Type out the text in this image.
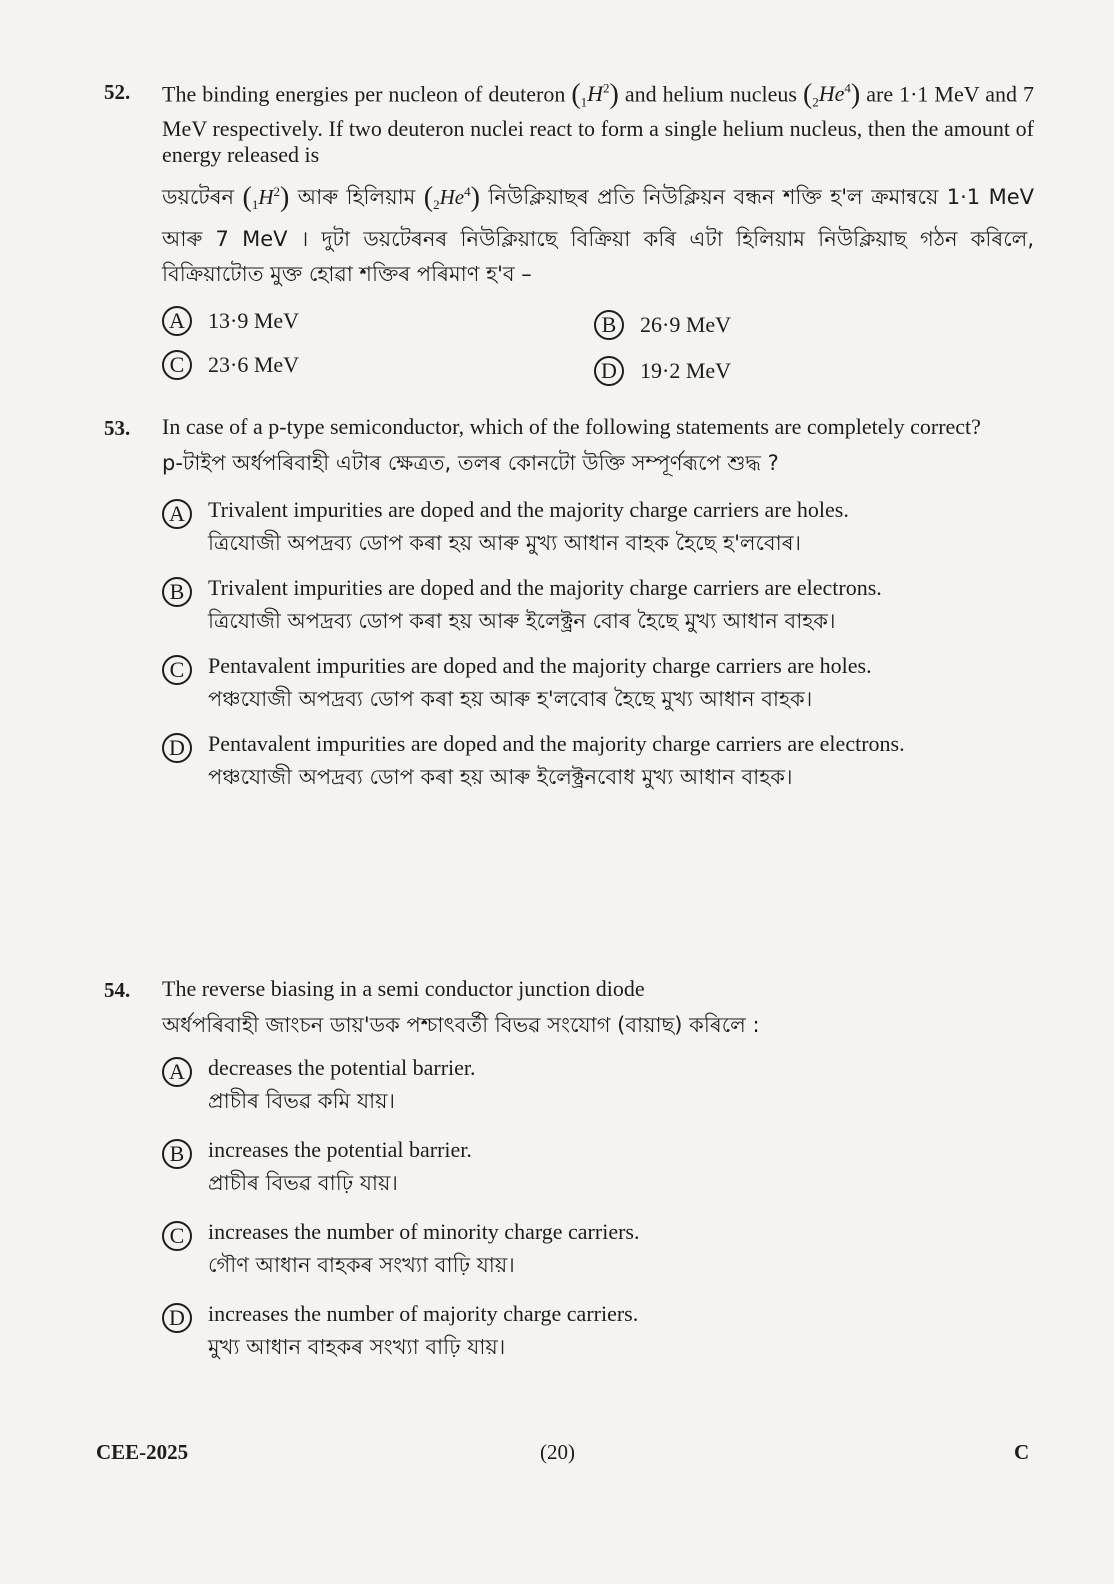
52. The binding energies per nucleon of deuteron $(_1H^2)$ and helium nucleus $(_2He^4)$ are 1·1 MeV and 7 MeV respectively. If two deuteron nuclei react to form a single helium nucleus, then the amount of energy released is
ডয়টেৰন $(_1H^2)$ আৰু হিলিয়াম $(_2He^4)$ নিউক্লিয়াছৰ প্ৰতি নিউক্লিয়ন বন্ধন শক্তি হ'ল ক্ৰমান্বয়ে 1·1 MeV আৰু 7 MeV । দুটা ডয়টেৰনৰ নিউক্লিয়াছে বিক্ৰিয়া কৰি এটা হিলিয়াম নিউক্লিয়াছ গঠন কৰিলে, বিক্ৰিয়াটোত মুক্ত হোৱা শক্তিৰ পৰিমাণ হ'ব –
A	13·9 MeV	B	26·9 MeV
C	23·6 MeV	D	19·2 MeV
53. In case of a p-type semiconductor, which of the following statements are completely correct?
p-টাইপ অৰ্ধপৰিবাহী এটাৰ ক্ষেত্ৰত, তলৰ কোনটো উক্তি সম্পূৰ্ণৰূপে শুদ্ধ ?
A	Trivalent impurities are doped and the majority charge carriers are holes.
ত্ৰিযোজী অপদ্ৰব্য ডোপ কৰা হয় আৰু মুখ্য আধান বাহক হৈছে হ'লবোৰ।
B	Trivalent impurities are doped and the majority charge carriers are electrons.
ত্ৰিযোজী অপদ্ৰব্য ডোপ কৰা হয় আৰু ইলেক্ট্ৰন বোৰ হৈছে মুখ্য আধান বাহক।
C	Pentavalent impurities are doped and the majority charge carriers are holes.
পঞ্চযোজী অপদ্ৰব্য ডোপ কৰা হয় আৰু হ'লবোৰ হৈছে মুখ্য আধান বাহক।
D	Pentavalent impurities are doped and the majority charge carriers are electrons.
পঞ্চযোজী অপদ্ৰব্য ডোপ কৰা হয় আৰু ইলেক্ট্ৰনবোধ মুখ্য আধান বাহক।
54. The reverse biasing in a semi conductor junction diode
অৰ্ধপৰিবাহী জাংচন ডায়'ডক পশ্চাৎবৰ্তী বিভৱ সংযোগ (বায়াছ) কৰিলে :
A	decreases the potential barrier.
প্ৰাচীৰ বিভৱ কমি যায়।
B	increases the potential barrier.
প্ৰাচীৰ বিভৱ বাঢ়ি যায়।
C	increases the number of minority charge carriers.
গৌণ আধান বাহকৰ সংখ্যা বাঢ়ি যায়।
D	increases the number of majority charge carriers.
মুখ্য আধান বাহকৰ সংখ্যা বাঢ়ি যায়।
CEE-2025	(20)	C
